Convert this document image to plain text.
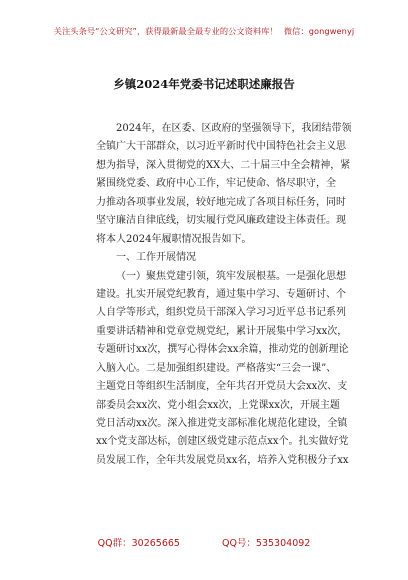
关注头条号“公文研究”，获得最新最全最专业的公文资料库！ 微信：gongwenyj
乡镇2024年党委书记述职述廉报告
2024年，在区委、区政府的坚强领导下，我团结带领
全镇广大干部群众，以习近平新时代中国特色社会主义思
想为指导，深入贯彻党的XX大、二十届三中全会精神，紧
紧围绕党委、政府中心工作，牢记使命、恪尽职守，全
力推动各项事业发展，较好地完成了各项目标任务，同时
坚守廉洁自律底线，切实履行党风廉政建设主体责任。现
将本人2024年履职情况报告如下。
一、工作开展情况
（一）聚焦党建引领，筑牢发展根基。一是强化思想
建设。扎实开展党纪教育，通过集中学习、专题研讨、个
人自学等形式，组织党员干部深入学习习近平总书记系列
重要讲话精神和党章党规党纪，累计开展集中学习xx次，
专题研讨xx次，撰写心得体会xx余篇，推动党的创新理论
入脑入心。二是加强组织建设。严格落实“三会一课”、
主题党日等组织生活制度，全年共召开党员大会xx次、支
部委员会xx次、党小组会xx次，上党课xx次，开展主题
党日活动xx次。深入推进党支部标准化规范化建设，全镇
xx个党支部达标，创建区级党建示范点xx个。扎实做好党
员发展工作，全年共发展党员xx名，培养入党积极分子xx
QQ群：30265665	QQ号：535304092
